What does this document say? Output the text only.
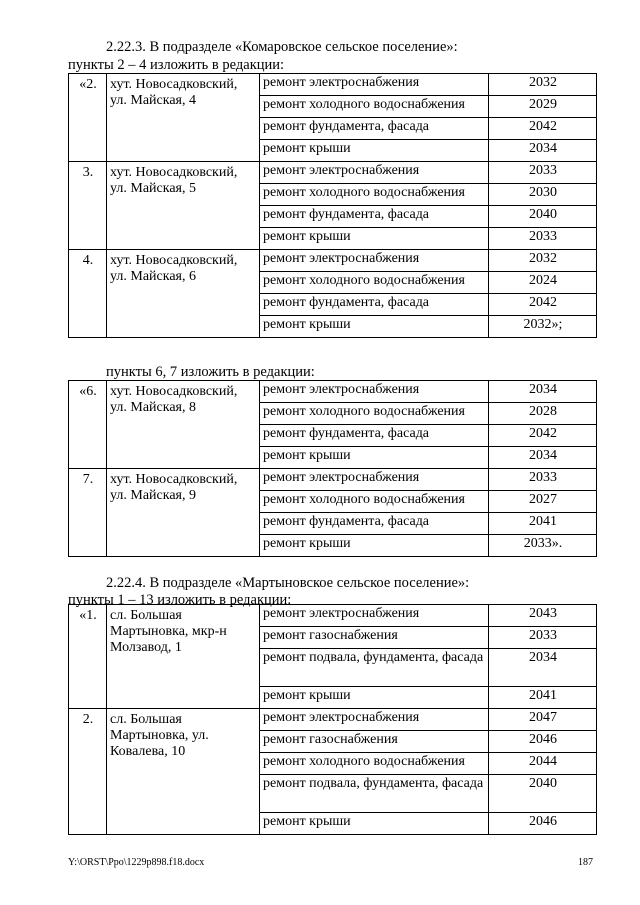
2.22.3. В подразделе «Комаровское сельское поселение»:
пункты 2 – 4 изложить в редакции:
«2.	хут. Новосадковский, ул. Майская, 4	ремонт электроснабжения	2032
		ремонт холодного водоснабжения	2029
		ремонт фундамента, фасада	2042
		ремонт крыши	2034
3.	хут. Новосадковский, ул. Майская, 5	ремонт электроснабжения	2033
		ремонт холодного водоснабжения	2030
		ремонт фундамента, фасада	2040
		ремонт крыши	2033
4.	хут. Новосадковский, ул. Майская, 6	ремонт электроснабжения	2032
		ремонт холодного водоснабжения	2024
		ремонт фундамента, фасада	2042
		ремонт крыши	2032»;
пункты 6, 7 изложить в редакции:
«6.	хут. Новосадковский, ул. Майская, 8	ремонт электроснабжения	2034
		ремонт холодного водоснабжения	2028
		ремонт фундамента, фасада	2042
		ремонт крыши	2034
7.	хут. Новосадковский, ул. Майская, 9	ремонт электроснабжения	2033
		ремонт холодного водоснабжения	2027
		ремонт фундамента, фасада	2041
		ремонт крыши	2033».
2.22.4. В подразделе «Мартыновское сельское поселение»:
пункты 1 – 13 изложить в редакции:
«1.	сл. Большая Мартыновка, мкр-н Молзавод, 1	ремонт электроснабжения	2043
		ремонт газоснабжения	2033
		ремонт подвала, фундамента, фасада	2034
		ремонт крыши	2041
2.	сл. Большая Мартыновка, ул. Ковалева, 10	ремонт электроснабжения	2047
		ремонт газоснабжения	2046
		ремонт холодного водоснабжения	2044
		ремонт подвала, фундамента, фасада	2040
		ремонт крыши	2046
Y:\ORST\Ppo\1229p898.f18.docx	187
